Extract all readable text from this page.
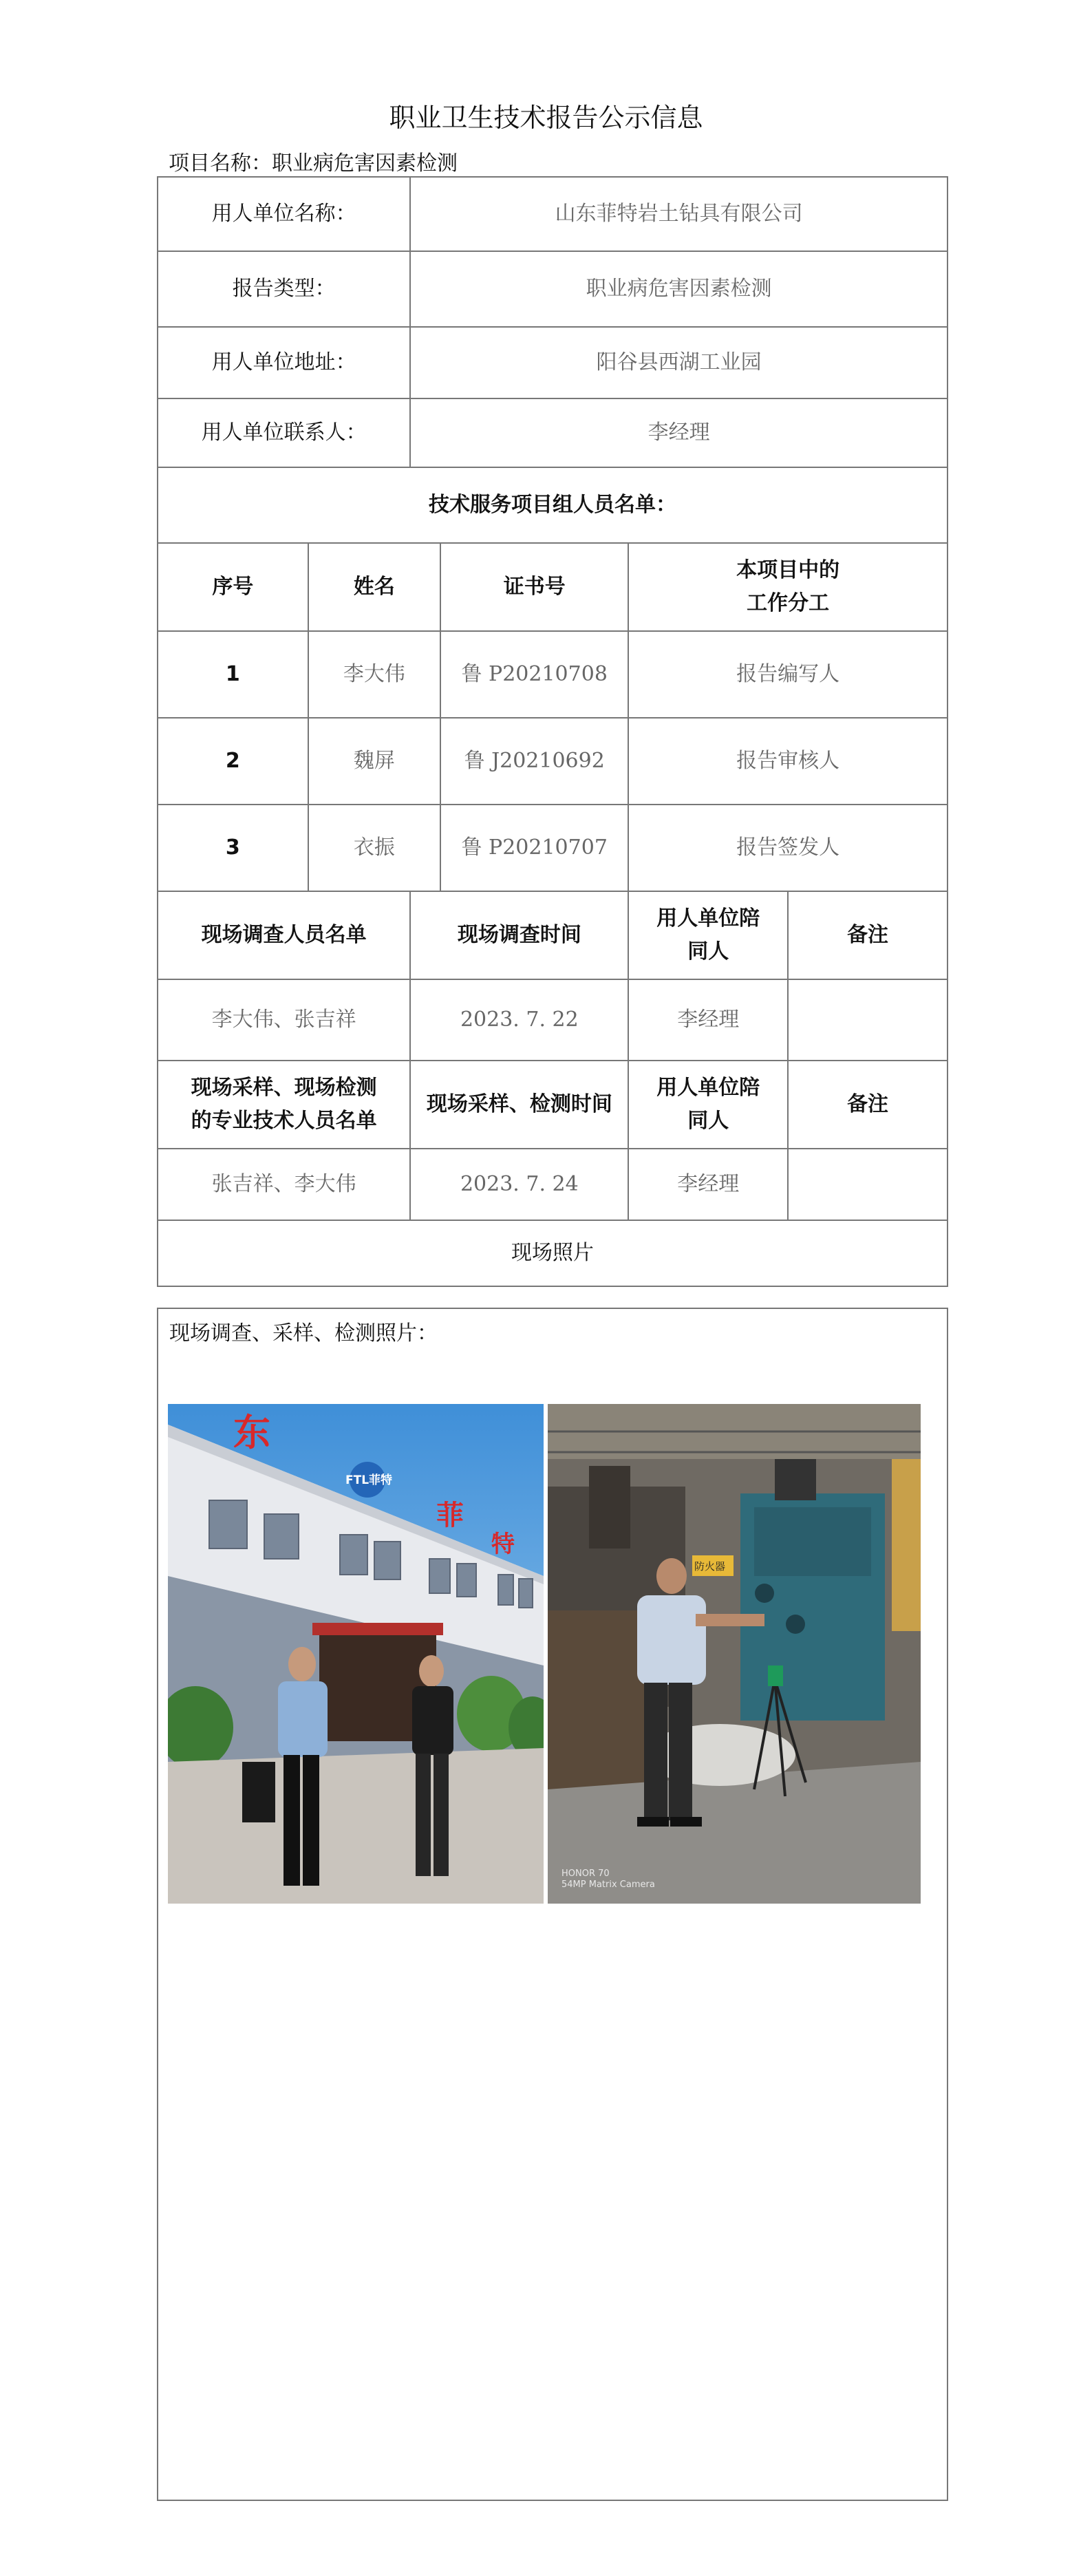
职业卫生技术报告公示信息
项目名称：职业病危害因素检测
用人单位名称：		山东菲特岩土钻具有限公司			
报告类型：		职业病危害因素检测			
用人单位地址：		阳谷县西湖工业园			
用人单位联系人：		李经理			
技术服务项目组人员名单：					
序号	姓名		证书号	本项目中的
工作分工	
1	李大伟		鲁 P20210708	报告编写人	
2	魏屏		鲁 J20210692	报告审核人	
3	衣振		鲁 P20210707	报告签发人	
现场调查人员名单		现场调查时间		用人单位陪
同人	备注
李大伟、张吉祥		2023. 7. 22		李经理	
现场采样、现场检测
的专业技术人员名单		现场采样、检测时间		用人单位陪
同人	备注
张吉祥、李大伟		2023. 7. 24		李经理	
现场照片					
现场调查、采样、检测照片：
东
FTL菲特
菲
特
防火器
HONOR 70
54MP Matrix Camera
